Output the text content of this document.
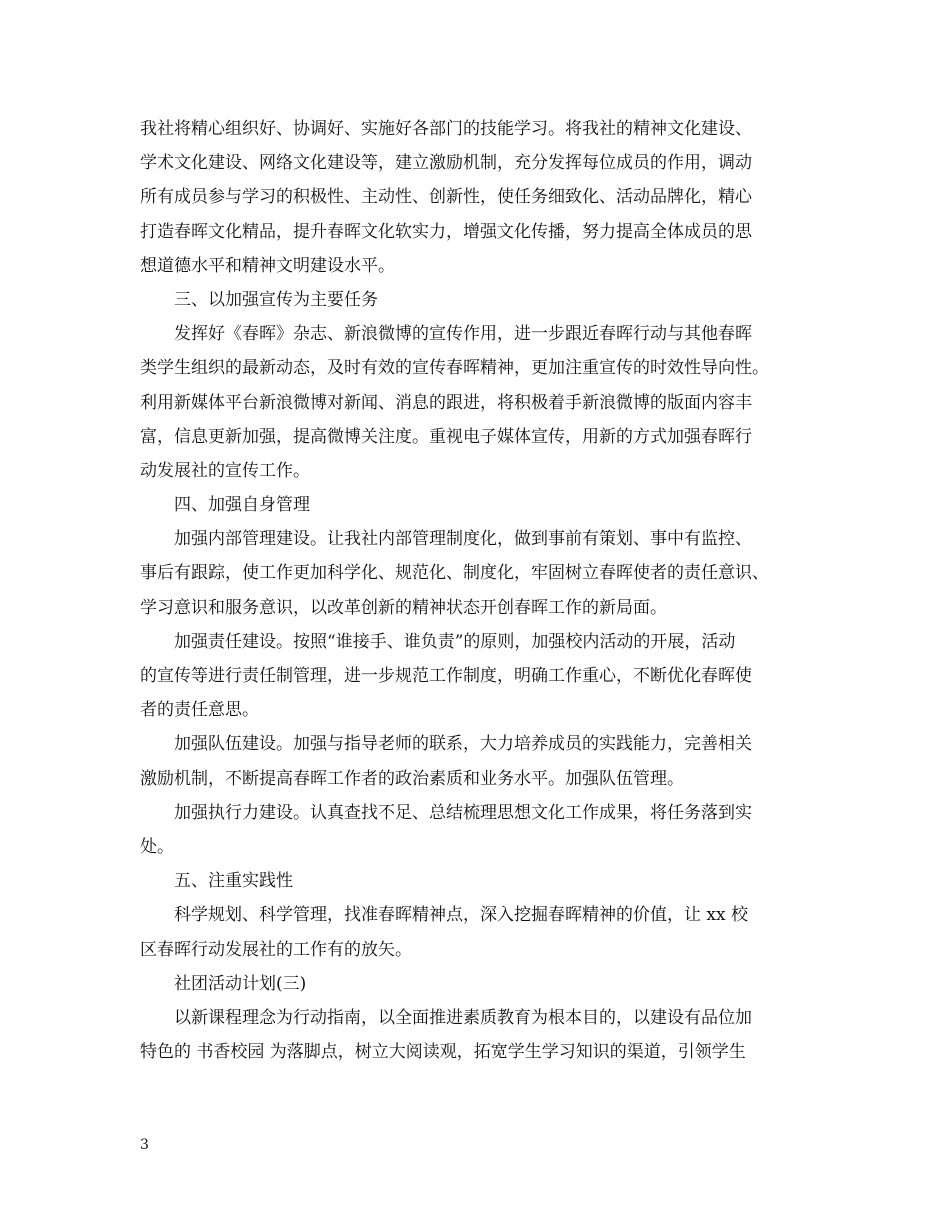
我社将精心组织好、协调好、实施好各部门的技能学习。将我社的精神文化建设、
学术文化建设、网络文化建设等，建立激励机制，充分发挥每位成员的作用，调动
所有成员参与学习的积极性、主动性、创新性，使任务细致化、活动品牌化，精心
打造春晖文化精品，提升春晖文化软实力，增强文化传播，努力提高全体成员的思
想道德水平和精神文明建设水平。
三、以加强宣传为主要任务
发挥好《春晖》杂志、新浪微博的宣传作用，进一步跟近春晖行动与其他春晖
类学生组织的最新动态，及时有效的宣传春晖精神，更加注重宣传的时效性导向性。
利用新媒体平台新浪微博对新闻、消息的跟进，将积极着手新浪微博的版面内容丰
富，信息更新加强，提高微博关注度。重视电子媒体宣传，用新的方式加强春晖行
动发展社的宣传工作。
四、加强自身管理
加强内部管理建设。让我社内部管理制度化，做到事前有策划、事中有监控、
事后有跟踪，使工作更加科学化、规范化、制度化，牢固树立春晖使者的责任意识、
学习意识和服务意识，以改革创新的精神状态开创春晖工作的新局面。
加强责任建设。按照“谁接手、谁负责”的原则，加强校内活动的开展，活动
的宣传等进行责任制管理，进一步规范工作制度，明确工作重心，不断优化春晖使
者的责任意思。
加强队伍建设。加强与指导老师的联系，大力培养成员的实践能力，完善相关
激励机制，不断提高春晖工作者的政治素质和业务水平。加强队伍管理。
加强执行力建设。认真查找不足、总结梳理思想文化工作成果，将任务落到实
处。
五、注重实践性
科学规划、科学管理，找准春晖精神点，深入挖掘春晖精神的价值，让 xx 校
区春晖行动发展社的工作有的放矢。
社团活动计划(三)
以新课程理念为行动指南，以全面推进素质教育为根本目的，以建设有品位加
特色的 书香校园 为落脚点，树立大阅读观，拓宽学生学习知识的渠道，引领学生
3
